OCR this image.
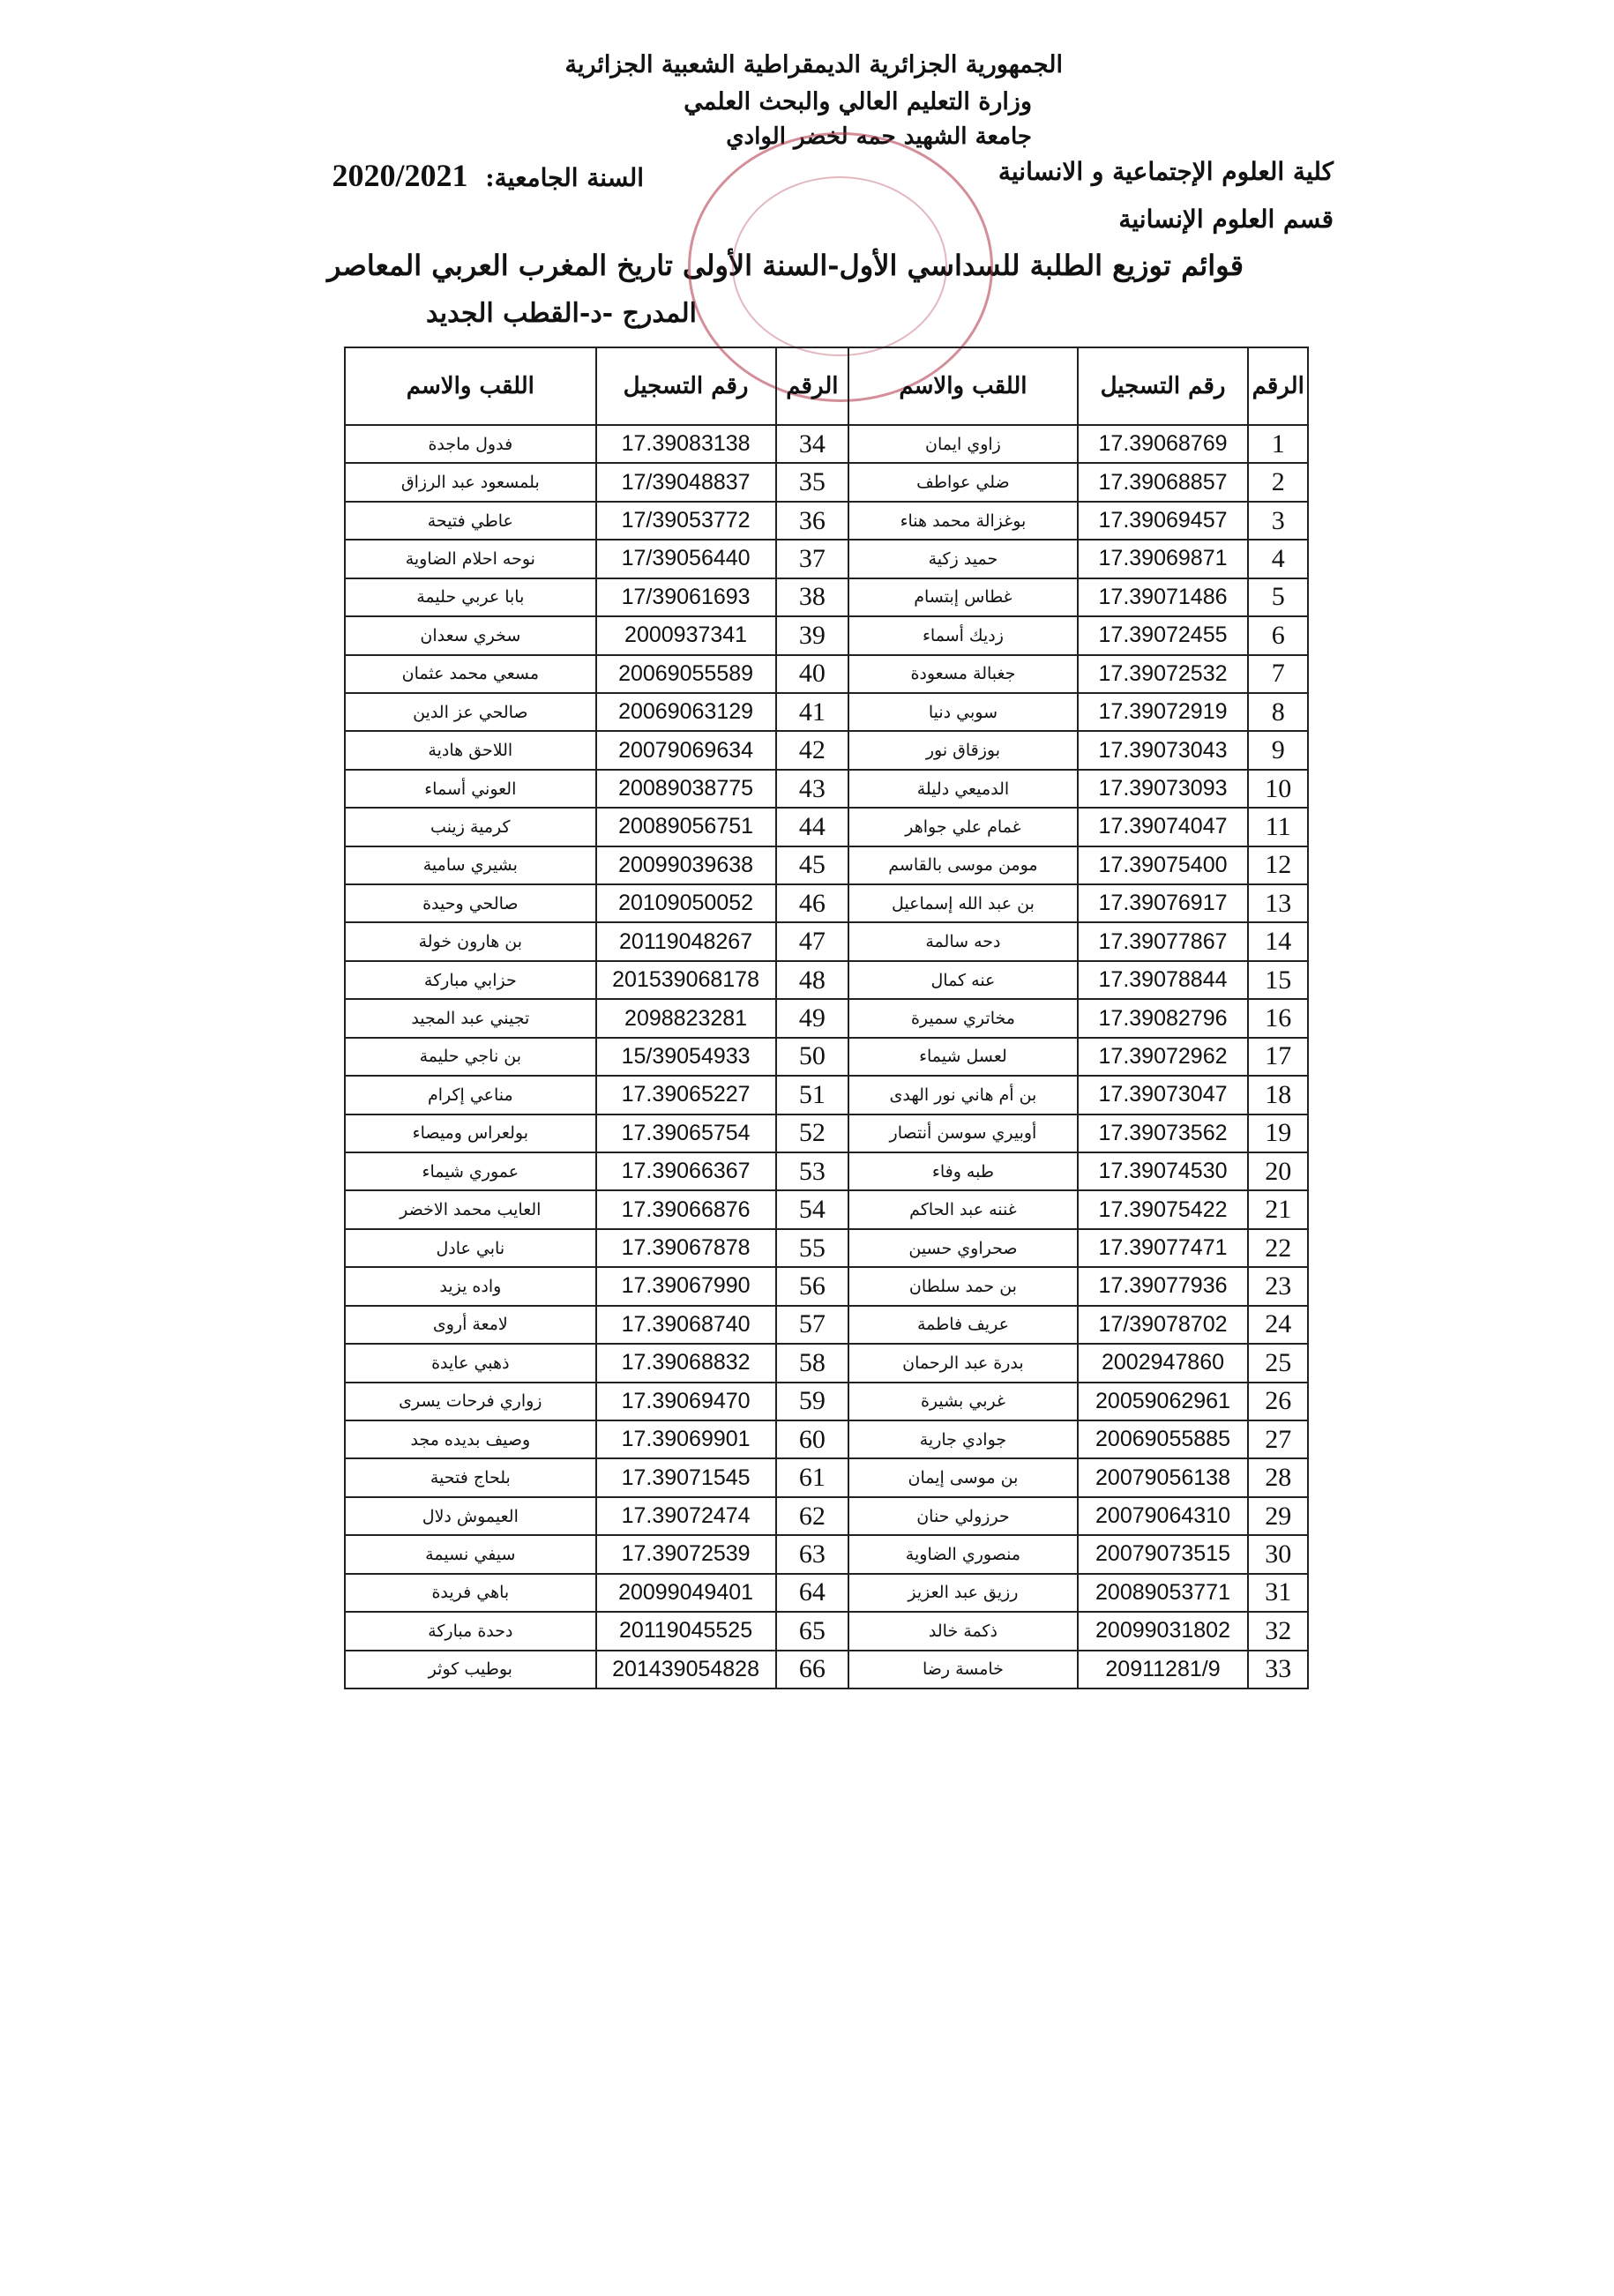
الجمهورية الجزائرية الديمقراطية الشعبية الجزائرية
وزارة التعليم العالي والبحث العلمي
جامعة الشهيد حمه لخضر الوادي
كلية العلوم الإجتماعية و الانسانية
السنة الجامعية: 2020/2021
قسم العلوم الإنسانية
قوائم توزيع الطلبة للسداسي الأول-السنة الأولى تاريخ المغرب العربي المعاصر
المدرج -د-القطب الجديد
الرقم	رقم التسجيل	اللقب والاسم	الرقم	رقم التسجيل	اللقب والاسم
1	17.39068769	زاوي ايمان	34	17.39083138	فدول ماجدة
2	17.39068857	ضلي عواطف	35	17/39048837	بلمسعود عبد الرزاق
3	17.39069457	بوغزالة محمد هناء	36	17/39053772	عاطي فتيحة
4	17.39069871	حميد زكية	37	17/39056440	نوحه احلام الضاوية
5	17.39071486	غطاس إبتسام	38	17/39061693	بابا عربي حليمة
6	17.39072455	زديك أسماء	39	2000937341	سخري سعدان
7	17.39072532	جغبالة مسعودة	40	20069055589	مسعي محمد عثمان
8	17.39072919	سوبي دنيا	41	20069063129	صالحي عز الدين
9	17.39073043	بوزقاق نور	42	20079069634	اللاحق هادية
10	17.39073093	الدميعي دليلة	43	20089038775	العوني أسماء
11	17.39074047	غمام علي جواهر	44	20089056751	كرمية زينب
12	17.39075400	مومن موسى بالقاسم	45	20099039638	بشيري سامية
13	17.39076917	بن عبد الله إسماعيل	46	20109050052	صالحي وحيدة
14	17.39077867	دحه سالمة	47	20119048267	بن هارون خولة
15	17.39078844	عنه كمال	48	201539068178	حزابي مباركة
16	17.39082796	مخاتري سميرة	49	2098823281	تجيني عبد المجيد
17	17.39072962	لعسل شيماء	50	15/39054933	بن ناجي حليمة
18	17.39073047	بن أم هاني نور الهدى	51	17.39065227	مناعي إكرام
19	17.39073562	أوبيري سوسن أنتصار	52	17.39065754	بولعراس وميصاء
20	17.39074530	طبه وفاء	53	17.39066367	عموري شيماء
21	17.39075422	غننه عبد الحاكم	54	17.39066876	العايب محمد الاخضر
22	17.39077471	صحراوي حسين	55	17.39067878	نابي عادل
23	17.39077936	بن حمد سلطان	56	17.39067990	واده يزيد
24	17/39078702	عريف فاطمة	57	17.39068740	لامعة أروى
25	2002947860	بدرة عبد الرحمان	58	17.39068832	ذهبي عايدة
26	20059062961	غربي بشيرة	59	17.39069470	زواري فرحات يسرى
27	20069055885	جوادي جارية	60	17.39069901	وصيف بديده مجد
28	20079056138	بن موسى إيمان	61	17.39071545	بلحاج فتحية
29	20079064310	حرزولي حنان	62	17.39072474	العيموش دلال
30	20079073515	منصوري الضاوية	63	17.39072539	سيفي نسيمة
31	20089053771	رزيق عبد العزيز	64	20099049401	باهي فريدة
32	20099031802	ذكمة خالد	65	20119045525	دحدة مباركة
33	20911281/9	خامسة رضا	66	201439054828	بوطيب كوثر
